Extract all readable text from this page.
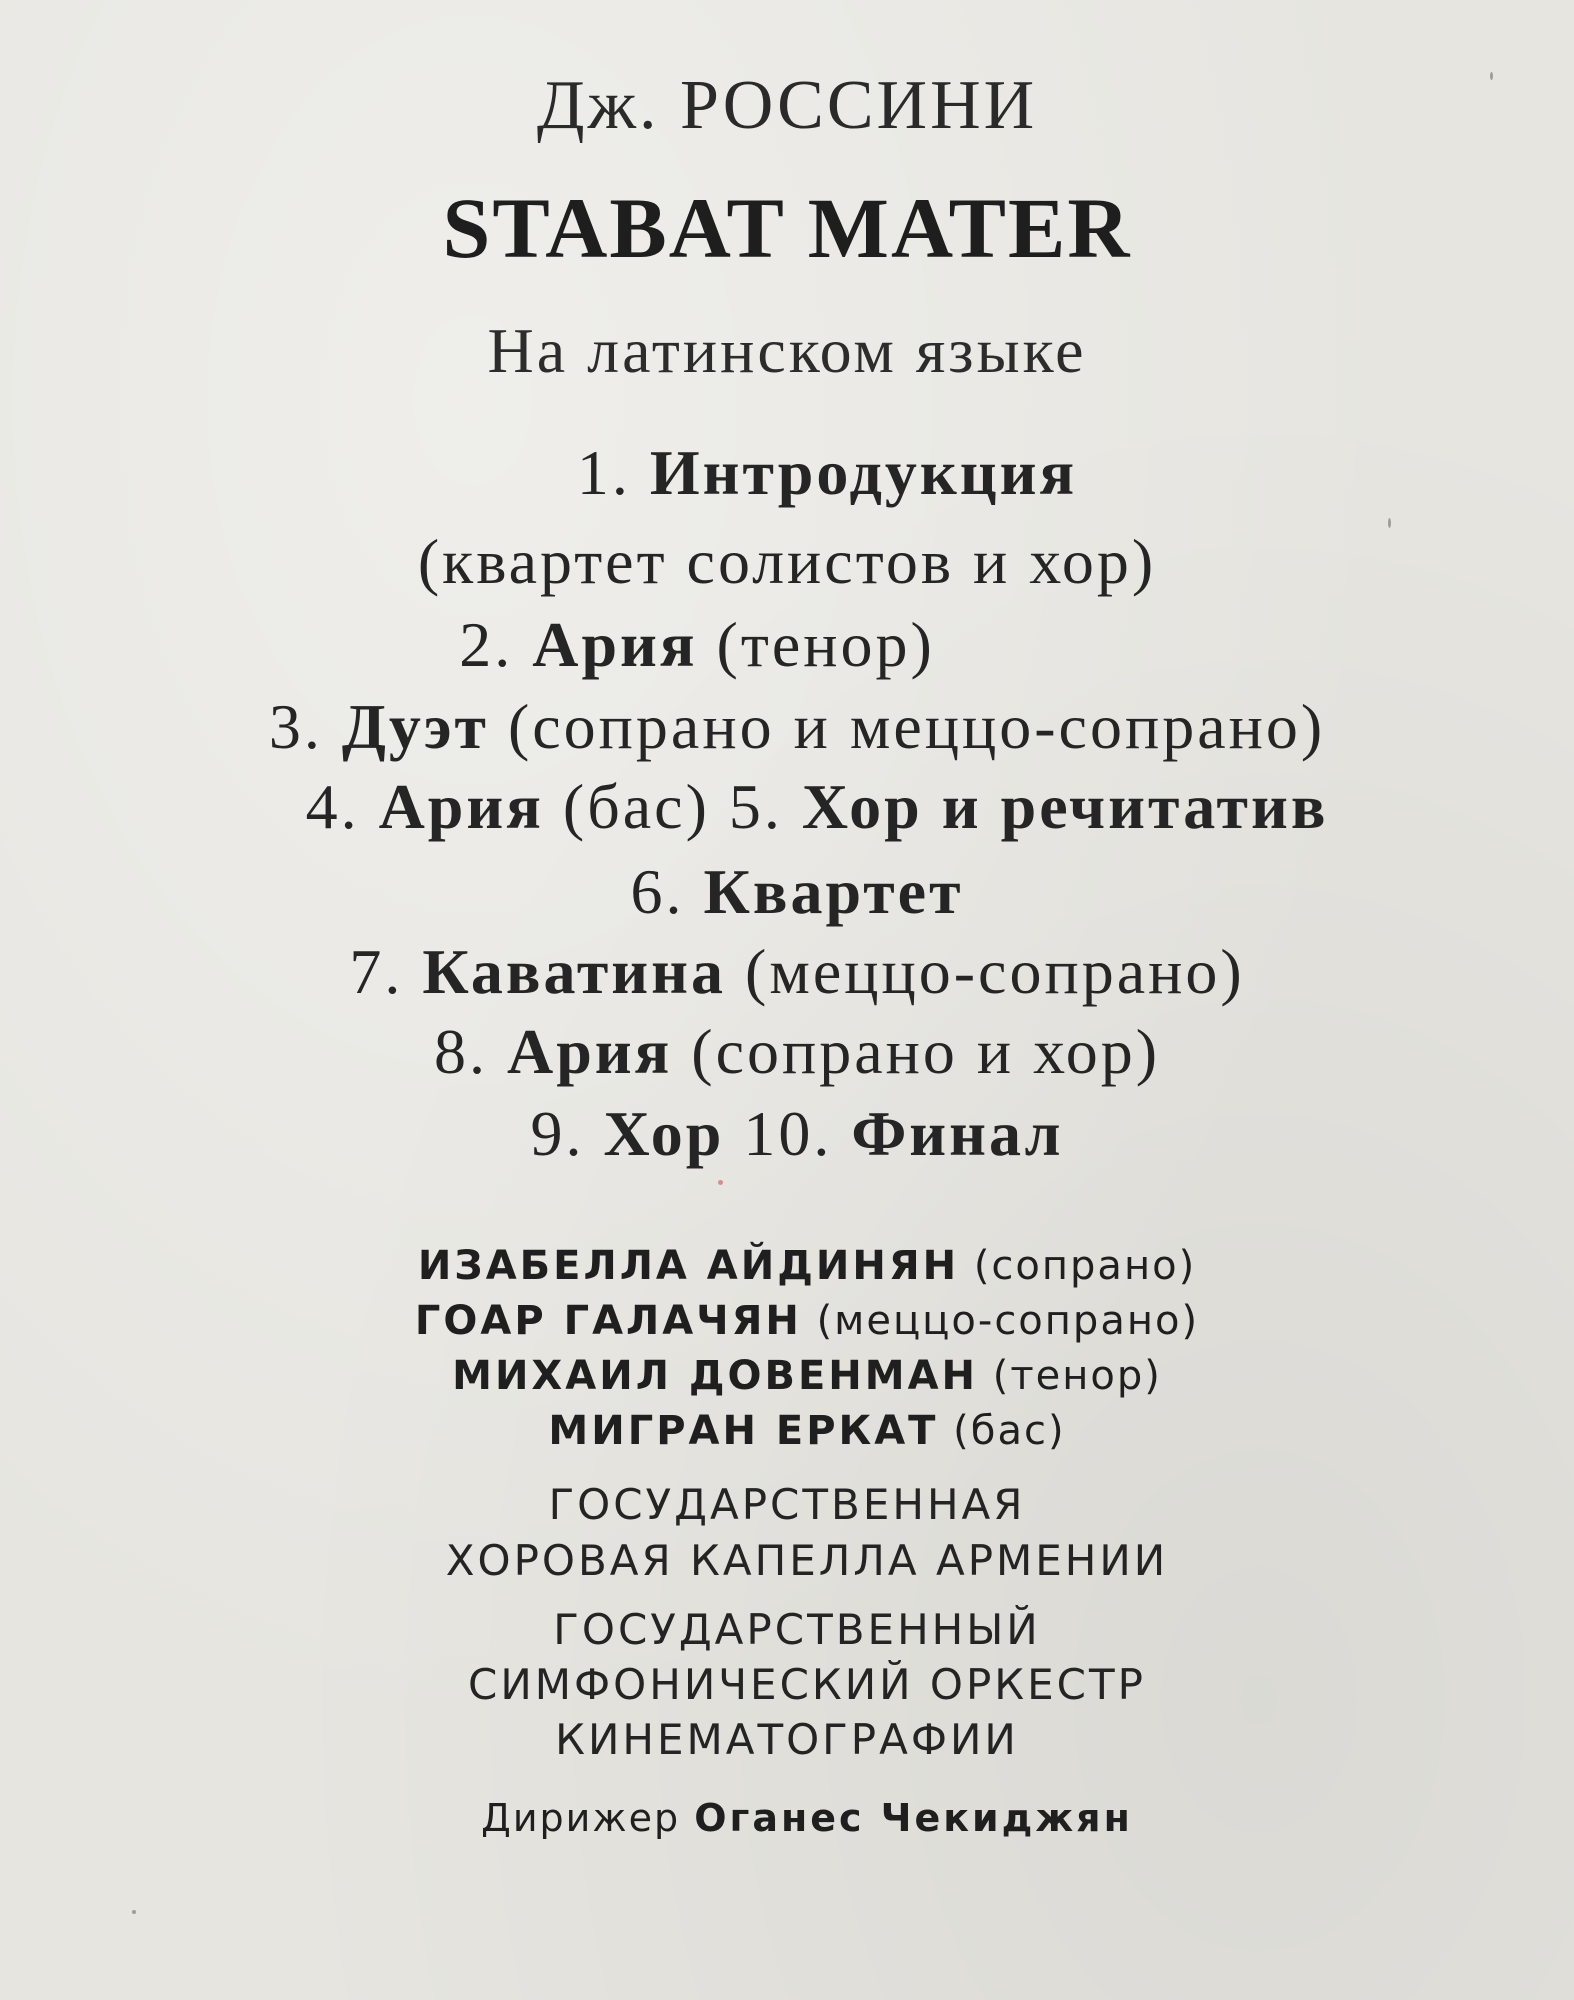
Дж. РОССИНИ
STABAT MATER
На латинском языке
1. Интродукция
(квартет солистов и хор)
2. Ария (тенор)
3. Дуэт (сопрано и меццо-сопрано)
4. Ария (бас) 5. Хор и речитатив
6. Квартет
7. Каватина (меццо-сопрано)
8. Ария (сопрано и хор)
9. Хор 10. Финал
ИЗАБЕЛЛА АЙДИНЯН (сопрано)
ГОАР ГАЛАЧЯН (меццо-сопрано)
МИХАИЛ ДОВЕНМАН (тенор)
МИГРАН ЕРКАТ (бас)
ГОСУДАРСТВЕННАЯ
ХОРОВАЯ КАПЕЛЛА АРМЕНИИ
ГОСУДАРСТВЕННЫЙ
СИМФОНИЧЕСКИЙ ОРКЕСТР
КИНЕМАТОГРАФИИ
Дирижер Оганес Чекиджян
